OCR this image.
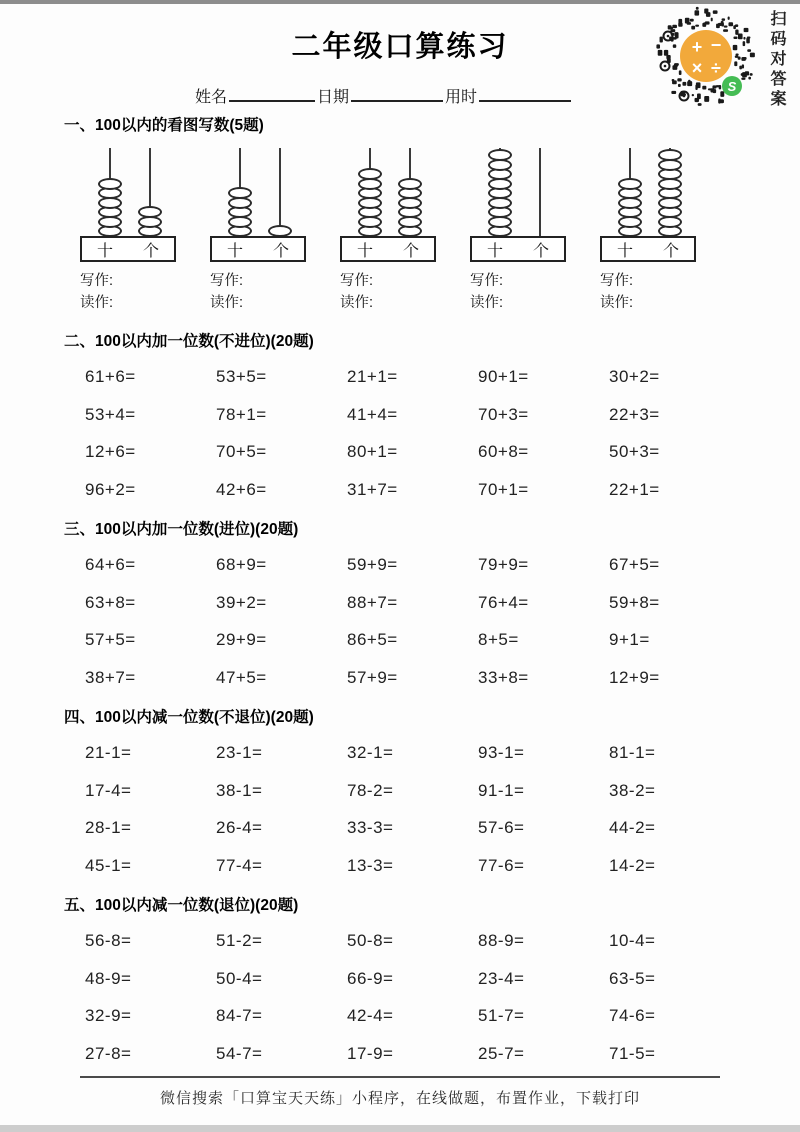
二年级口算练习	+ −
× ÷
S 扫码对答案
姓名	日期	用时
一、100以内的看图写数(5题)
十 个
写作:
读作:
十 个
写作:
读作:
十 个
写作:
读作:
十 个
写作:
读作:
十 个
写作:
读作:
二、100以内加一位数(不进位)(20题)
61+6=	53+5=	21+1=	90+1=	30+2=
53+4=	78+1=	41+4=	70+3=	22+3=
12+6=	70+5=	80+1=	60+8=	50+3=
96+2=	42+6=	31+7=	70+1=	22+1=
三、100以内加一位数(进位)(20题)
64+6=	68+9=	59+9=	79+9=	67+5=
63+8=	39+2=	88+7=	76+4=	59+8=
57+5=	29+9=	86+5=	8+5=	9+1=
38+7=	47+5=	57+9=	33+8=	12+9=
四、100以内减一位数(不退位)(20题)
21-1=	23-1=	32-1=	93-1=	81-1=
17-4=	38-1=	78-2=	91-1=	38-2=
28-1=	26-4=	33-3=	57-6=	44-2=
45-1=	77-4=	13-3=	77-6=	14-2=
五、100以内减一位数(退位)(20题)
56-8=	51-2=	50-8=	88-9=	10-4=
48-9=	50-4=	66-9=	23-4=	63-5=
32-9=	84-7=	42-4=	51-7=	74-6=
27-8=	54-7=	17-9=	25-7=	71-5=
微信搜索「口算宝天天练」小程序，在线做题，布置作业，下载打印
